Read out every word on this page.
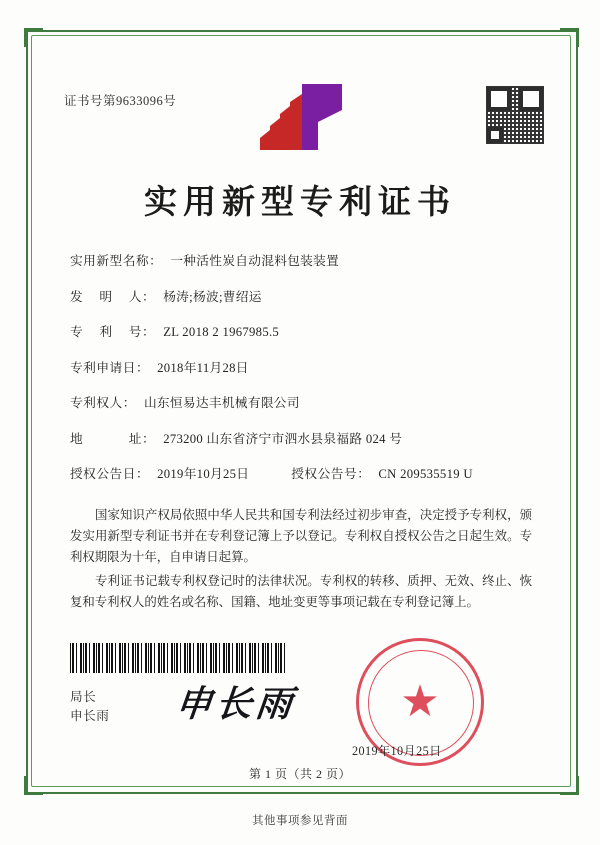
证书号第9633096号
实用新型专利证书
实用新型名称 ： 一种活性炭自动混料包装装置
发明人 ： 杨涛;杨波;曹绍运
专利号 ： ZL 2018 2 1967985.5
专利申请日 ： 2018年11月28日
专利权人 ： 山东恒易达丰机械有限公司
地址 ： 273200 山东省济宁市泗水县泉福路 024 号
授权公告日 ： 2019年10月25日	授权公告号 ： CN 209535519 U
国家知识产权局依照中华人民共和国专利法经过初步审查，决定授予专利权，颁发实用新型专利证书并在专利登记簿上予以登记。专利权自授权公告之日起生效。专利权期限为十年，自申请日起算。
专利证书记载专利权登记时的法律状况。专利权的转移、质押、无效、终止、恢复和专利权人的姓名或名称、国籍、地址变更等事项记载在专利登记簿上。
局长
申长雨 申长雨 ★
2019年10月25日
第 1 页（共 2 页）
其他事项参见背面
